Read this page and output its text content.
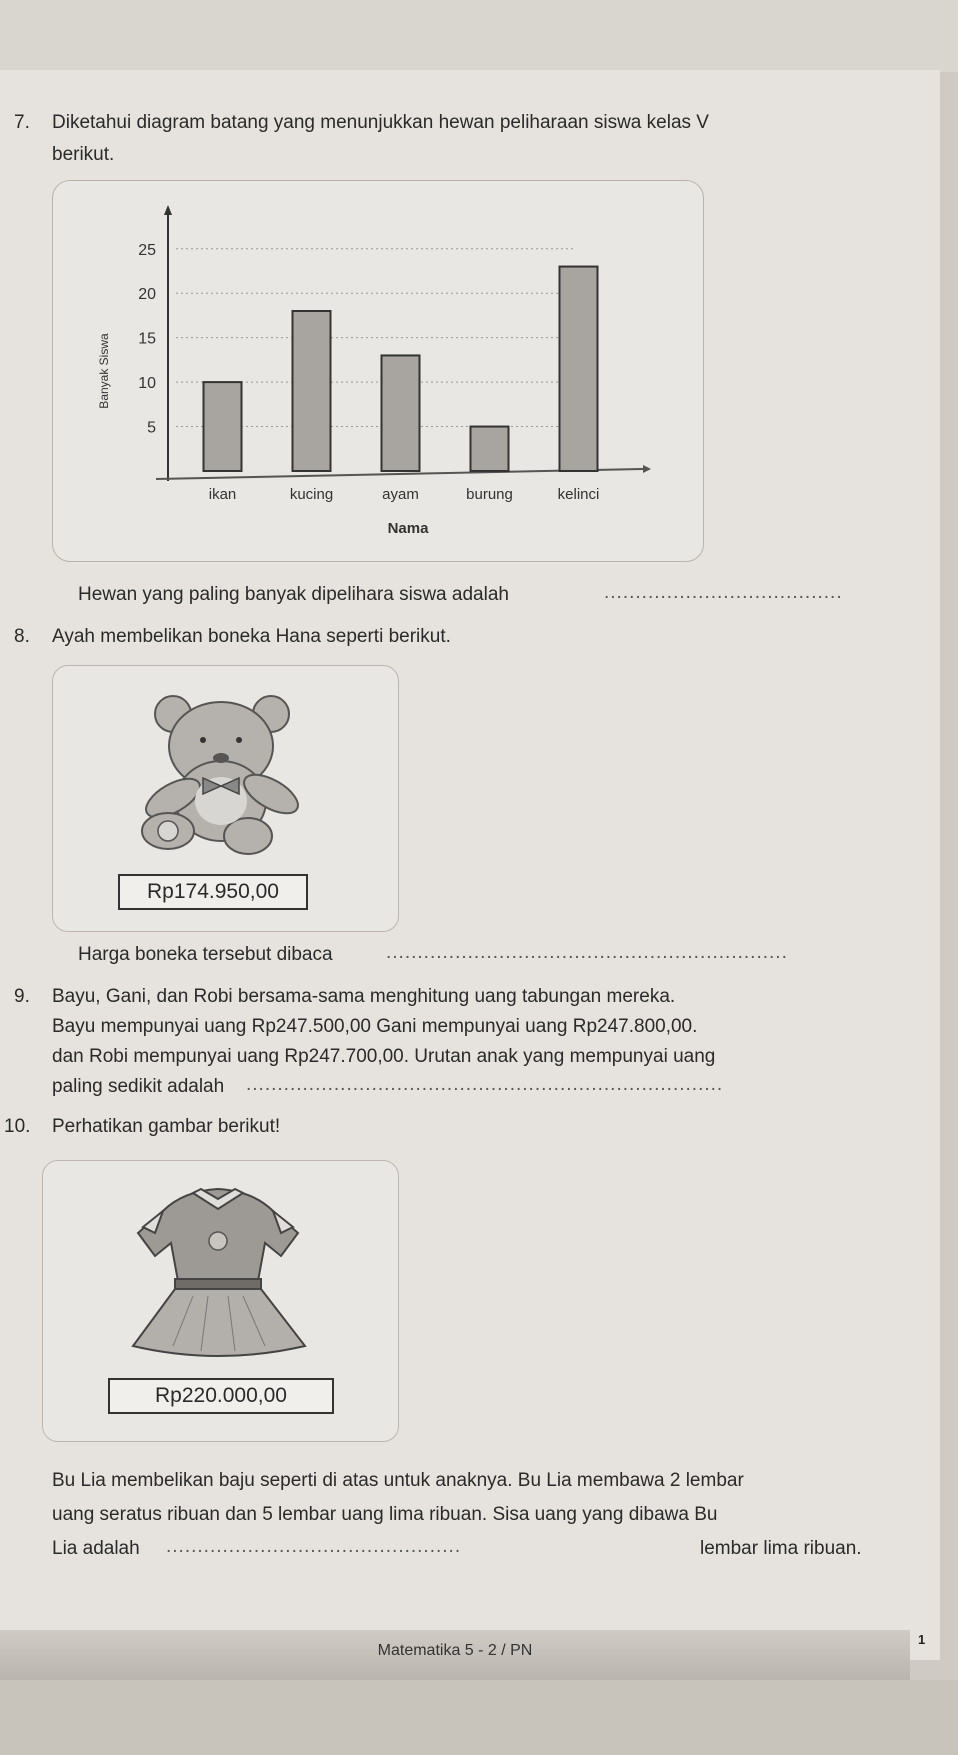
7. Diketahui diagram batang yang menunjukkan hewan peliharaan siswa kelas V
berikut.
5
10
15
20
25
Banyak Siswa
ikan	kucing	ayam	burung	kelinci
Nama
Hewan yang paling banyak dipelihara siswa adalah	......................................
8. Ayah membelikan boneka Hana seperti berikut.
Rp174.950,00
Harga boneka tersebut dibaca	................................................................
9. Bayu, Gani, dan Robi bersama-sama menghitung uang tabungan mereka.
Bayu mempunyai uang Rp247.500,00 Gani mempunyai uang Rp247.800,00.
dan Robi mempunyai uang Rp247.700,00. Urutan anak yang mempunyai uang
paling sedikit adalah ............................................................................
10. Perhatikan gambar berikut!
Rp220.000,00
Bu Lia membelikan baju seperti di atas untuk anaknya. Bu Lia membawa 2 lembar
uang seratus ribuan dan 5 lembar uang lima ribuan. Sisa uang yang dibawa Bu
Lia adalah ...............................................	lembar lima ribuan.
Matematika 5 - 2 / PN
1
